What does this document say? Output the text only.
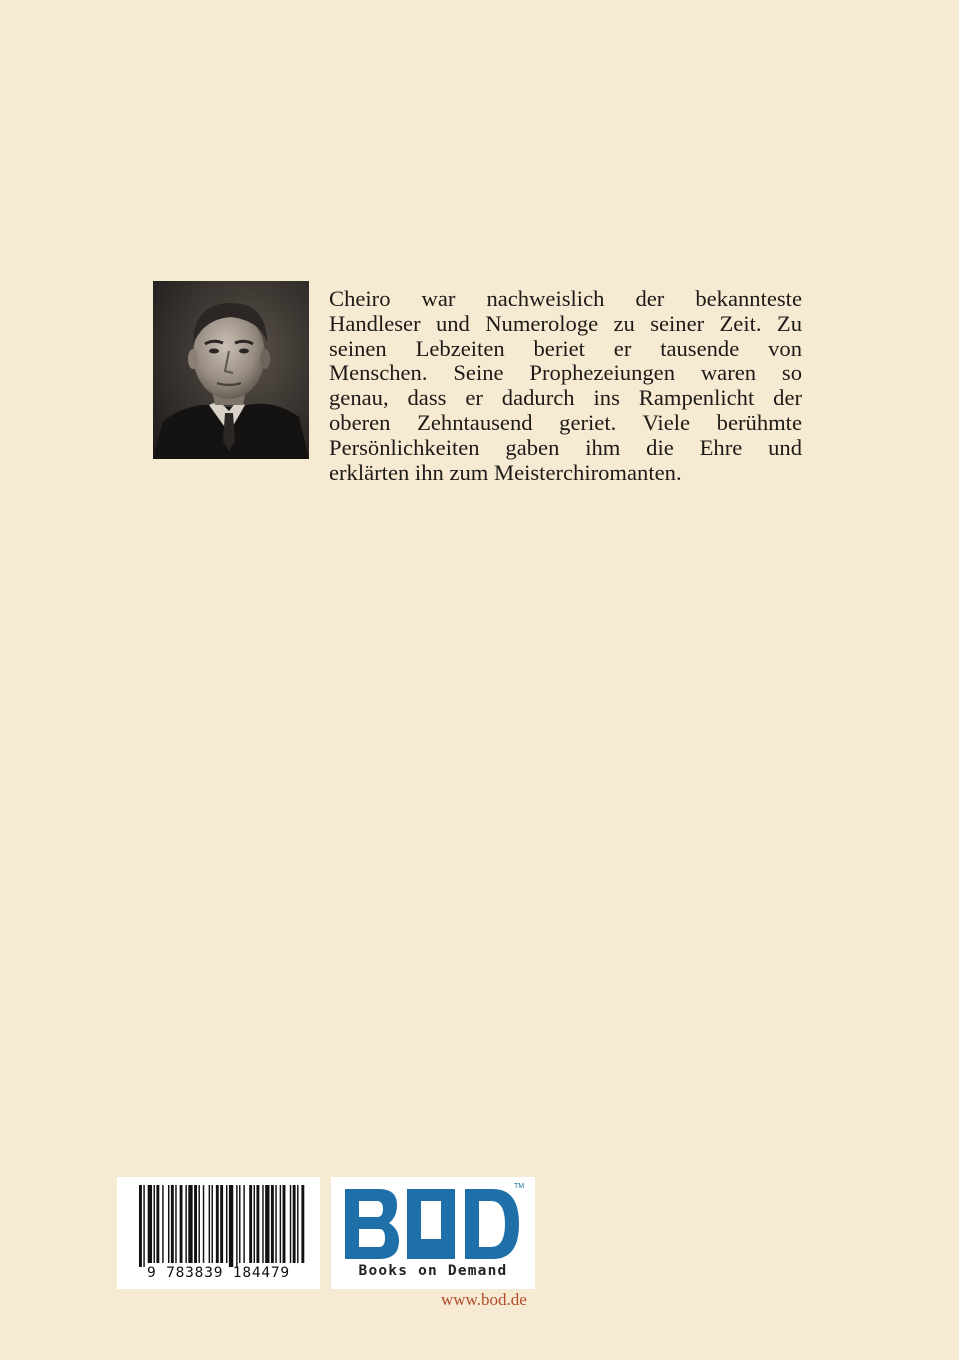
Cheiro war nachweislich der bekannteste
Handleser und Numerologe zu seiner Zeit. Zu
seinen Lebzeiten beriet er tausende von
Menschen. Seine Prophezeiungen waren so
genau, dass er dadurch ins Rampenlicht der
oberen Zehntausend geriet. Viele berühmte
Persönlichkeiten gaben ihm die Ehre und
erklärten ihn zum Meisterchiromanten.
9 783839 184479
TM
Books on Demand
www.bod.de
